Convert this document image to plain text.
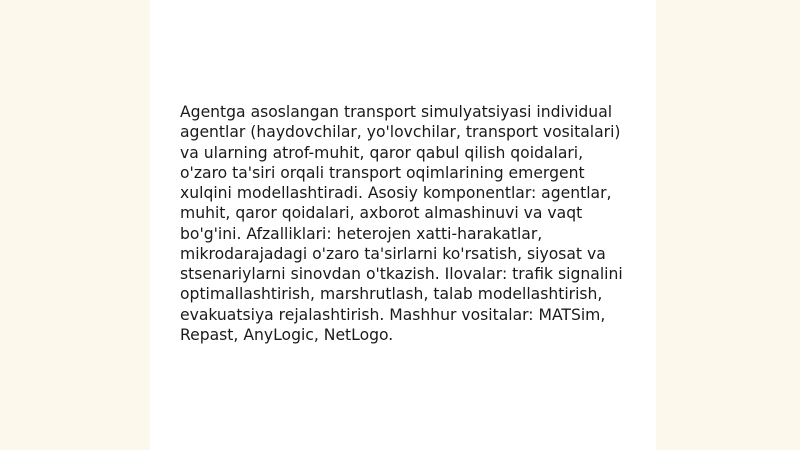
Agentga asoslangan transport simulyatsiyasi individual agentlar (haydovchilar, yo'lovchilar, transport vositalari) va ularning atrof-muhit, qaror qabul qilish qoidalari, o'zaro ta'siri orqali transport oqimlarining emergent xulqini modellashtiradi. Asosiy komponentlar: agentlar, muhit, qaror qoidalari, axborot almashinuvi va vaqt bo'g'ini. Afzalliklari: heterojen xatti-harakatlar, mikrodarajadagi o'zaro ta'sirlarni ko'rsatish, siyosat va stsenariylarni sinovdan o'tkazish. Ilovalar: trafik signalini optimallashtirish, marshrutlash, talab modellashtirish, evakuatsiya rejalashtirish. Mashhur vositalar: MATSim, Repast, AnyLogic, NetLogo.
